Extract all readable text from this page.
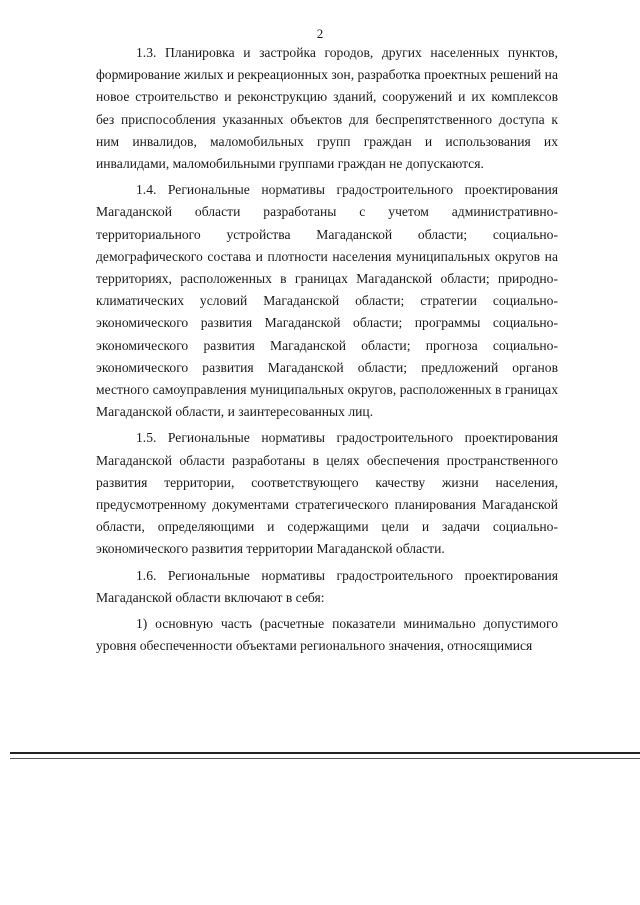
2

1.3. Планировка и застройка городов, других населенных пунктов, формирование жилых и рекреационных зон, разработка проектных решений на новое строительство и реконструкцию зданий, сооружений и их комплексов без приспособления указанных объектов для беспрепятственного доступа к ним инвалидов, маломобильных групп граждан и использования их инвалидами, маломобильными группами граждан не допускаются.

1.4. Региональные нормативы градостроительного проектирования Магаданской области разработаны с учетом административно-территориального устройства Магаданской области; социально-демографического состава и плотности населения муниципальных округов на территориях, расположенных в границах Магаданской области; природно-климатических условий Магаданской области; стратегии социально-экономического развития Магаданской области; программы социально-экономического развития Магаданской области; прогноза социально-экономического развития Магаданской области; предложений органов местного самоуправления муниципальных округов, расположенных в границах Магаданской области, и заинтересованных лиц.

1.5. Региональные нормативы градостроительного проектирования Магаданской области разработаны в целях обеспечения пространственного развития территории, соответствующего качеству жизни населения, предусмотренному документами стратегического планирования Магаданской области, определяющими и содержащими цели и задачи социально-экономического развития территории Магаданской области.

1.6. Региональные нормативы градостроительного проектирования Магаданской области включают в себя:

1) основную часть (расчетные показатели минимально допустимого уровня обеспеченности объектами регионального значения, относящимися
